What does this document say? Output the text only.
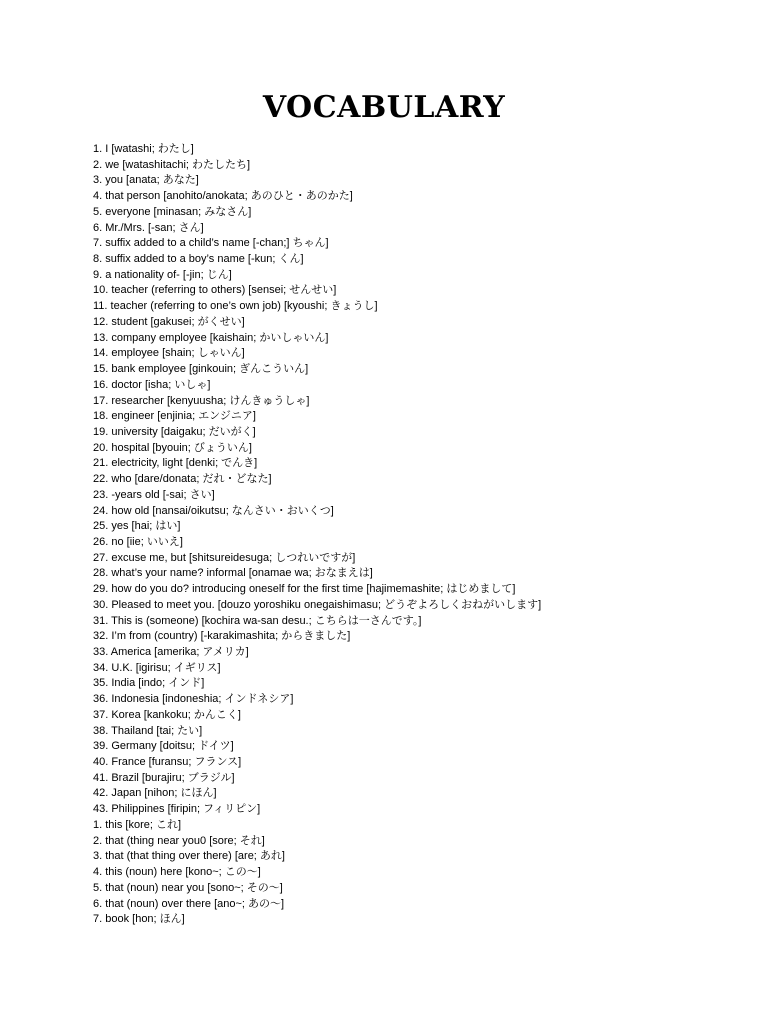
VOCABULARY
1. I [watashi; わたし]
2. we [watashitachi; わたしたち]
3. you [anata; あなた]
4. that person [anohito/anokata; あのひと・あのかた]
5. everyone [minasan; みなさん]
6. Mr./Mrs. [-san; さん]
7. suffix added to a child’s name [-chan;] ちゃん]
8. suffix added to a boy’s name [-kun; くん]
9. a nationality of- [-jin; じん]
10. teacher (referring to others) [sensei; せんせい]
11. teacher (referring to one’s own job) [kyoushi; きょうし]
12. student [gakusei; がくせい]
13. company employee [kaishain; かいしゃいん]
14. employee [shain; しゃいん]
15. bank employee [ginkouin; ぎんこういん]
16. doctor [isha; いしゃ]
17. researcher [kenyuusha; けんきゅうしゃ]
18. engineer [enjinia; エンジニア]
19. university [daigaku; だいがく]
20. hospital [byouin; びょういん]
21. electricity, light [denki; でんき]
22. who [dare/donata; だれ・どなた]
23. -years old [-sai; さい]
24. how old [nansai/oikutsu; なんさい・おいくつ]
25. yes [hai; はい]
26. no [iie; いいえ]
27. excuse me, but [shitsureidesuga; しつれいですが]
28. what’s your name? informal [onamae wa; おなまえは]
29. how do you do? introducing oneself for the first time [hajimemashite; はじめまして]
30. Pleased to meet you. [douzo yoroshiku onegaishimasu; どうぞよろしくおねがいします]
31. This is (someone) [kochira wa-san desu.; こちらは一さんです。]
32. I’m from (country) [-karakimashita; からきました]
33. America [amerika; アメリカ]
34. U.K. [igirisu; イギリス]
35. India [indo; インド]
36. Indonesia [indoneshia; インドネシア]
37. Korea [kankoku; かんこく]
38. Thailand [tai; たい]
39. Germany [doitsu; ドイツ]
40. France [furansu; フランス]
41. Brazil [burajiru; ブラジル]
42. Japan [nihon; にほん]
43. Philippines [firipin; フィリピン]
1. this [kore; これ]
2. that (thing near you0 [sore; それ]
3. that (that thing over there) [are; あれ]
4. this (noun) here [kono~; この〜]
5. that (noun) near you [sono~; その〜]
6. that (noun) over there [ano~; あの〜]
7. book [hon; ほん]
